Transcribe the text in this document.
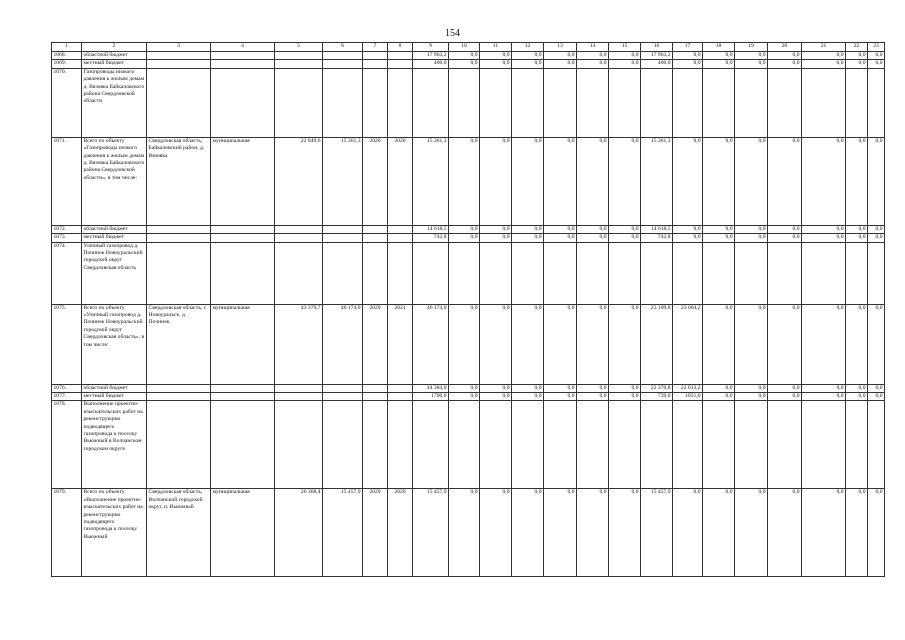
154
1	2	3	4	5	6	7	8	9	10	11	12	13	14	15	16	17	18	19	20	21	22	23
1068.	областной бюджет							17 963,2	0,0	0,0	0,0	0,0	0,0	0,0	17 963,2	0,0	0,0	0,0	0,0	0,0	0,0	0,0
1069.	местный бюджет							400,0	0,0	0,0	0,0	0,0	0,0	0,0	400,0	0,0	0,0	0,0	0,0	0,0	0,0	0,0
1070.	Газопроводы низкого давления к жилым домам д. Вязовка Байкаловского района Свердловской области																					
1071.	Всего по объекту «Газопроводы низкого давления к жилым домам д. Вязовка Байкаловского района Свердловской области», в том числе:	Свердловская область, Байкаловский район, д. Вязовка	муниципальная	22 849,6	15 361,3	2020	2020	15 361,3	0,0	0,0	0,0	0,0	0,0	0,0	15 361,3	0,0	0,0	0,0	0,0	0,0	0,0	0,0
1072.	областной бюджет							14 618,5	0,0	0,0	0,0	0,0	0,0	0,0	14 618,5	0,0	0,0	0,0	0,0	0,0	0,0	0,0
1073.	местный бюджет							742,8	0,0	0,0	0,0	0,0	0,0	0,0	742,8	0,0	0,0	0,0	0,0	0,0	0,0	0,0
1074.	Уличный газопровод д. Починок Новоуральский городской округ Свердловская область																					
1075.	Всего по объекту «Уличный газопровод д. Починок Новоуральский городской округ Свердловская область», в том числе:	Свердловская область, г. Новоуральск, д. Починок	муниципальная	43 379,7	46 174,0	2020	2021	46 174,0	0,0	0,0	0,0	0,0	0,0	0,0	23 109,8	23 064,2	0,0	0,0	0,0	0,0	0,0	0,0
1076.	областной бюджет							44 384,0	0,0	0,0	0,0	0,0	0,0	0,0	22 370,8	22 013,2	0,0	0,0	0,0	0,0	0,0	0,0
1077.	местный бюджет							1790,0	0,0	0,0	0,0	0,0	0,0	0,0	739,0	1051,0	0,0	0,0	0,0	0,0	0,0	0,0
1078.	Выполнение проектно-изыскательских работ на реконструкцию подводящего газопровода к поселку Вьюжный в Волчанском городском округе																					
1079.	Всего по объекту «Выполнение проектно-изыскательских работ на реконструкцию подводящего газопровода к поселку Вьюжный	Свердловская область, Волчанский городской округ, п. Вьюжный	муниципальная	26 368,4	15 457,9	2020	2020	15 457,9	0,0	0,0	0,0	0,0	0,0	0,0	15 457,9	0,0	0,0	0,0	0,0	0,0	0,0	0,0
